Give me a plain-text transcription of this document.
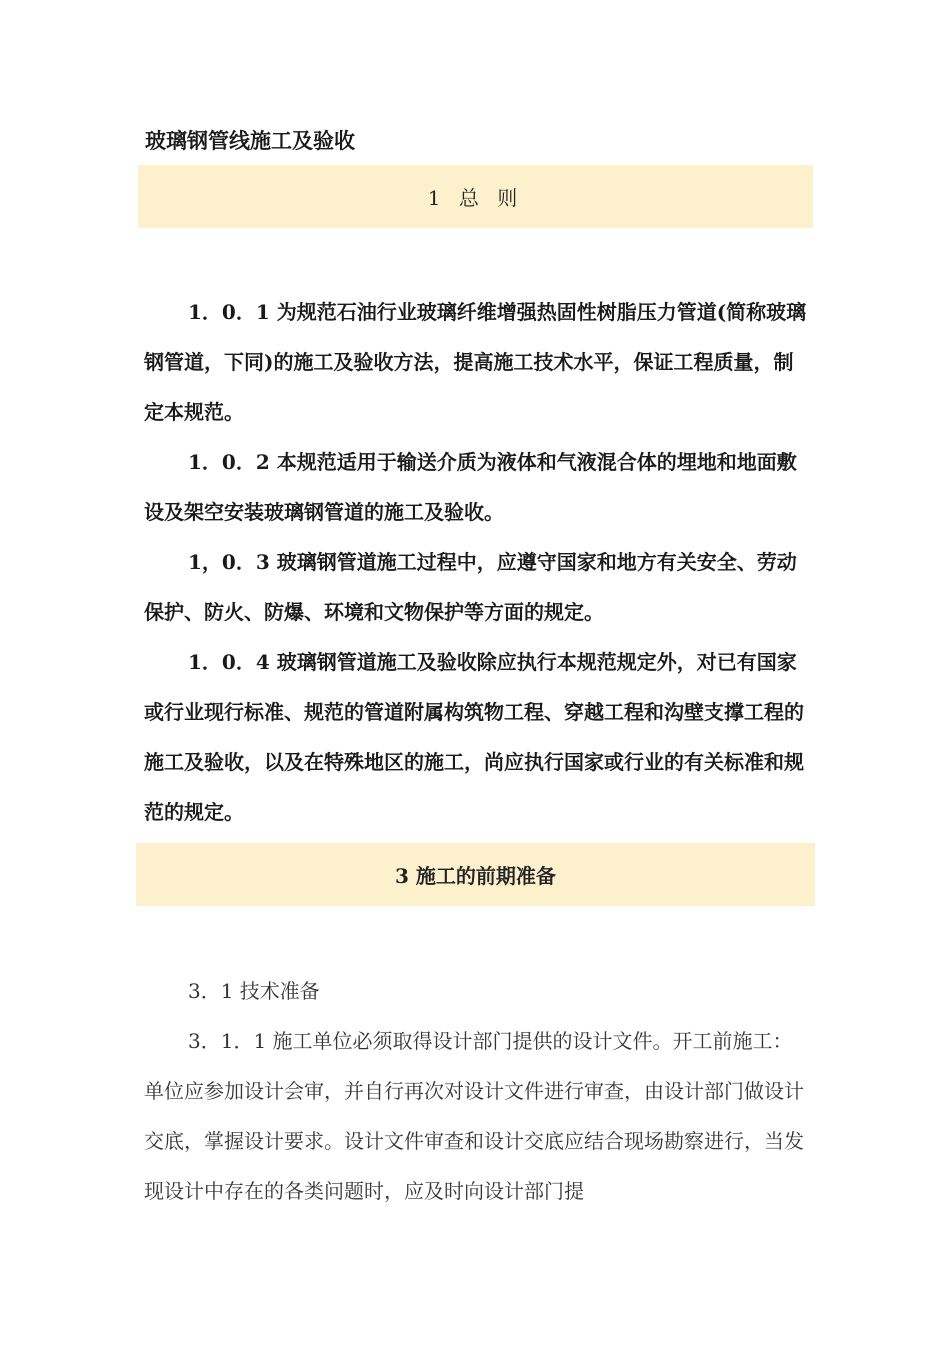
玻璃钢管线施工及验收
1 总 则

1．0．1 为规范石油行业玻璃纤维增强热固性树脂压力管道(简称玻璃钢管道，下同)的施工及验收方法，提高施工技术水平，保证工程质量，制定本规范。

1．0．2 本规范适用于输送介质为液体和气液混合体的埋地和地面敷设及架空安装玻璃钢管道的施工及验收。

1，0．3 玻璃钢管道施工过程中，应遵守国家和地方有关安全、劳动保护、防火、防爆、环境和文物保护等方面的规定。

1．0．4 玻璃钢管道施工及验收除应执行本规范规定外，对已有国家或行业现行标准、规范的管道附属构筑物工程、穿越工程和沟壁支撑工程的施工及验收，以及在特殊地区的施工，尚应执行国家或行业的有关标准和规范的规定。

3 施工的前期准备

3．1 技术准备

3．1．1 施工单位必须取得设计部门提供的设计文件。开工前施工：单位应参加设计会审，并自行再次对设计文件进行审查，由设计部门做设计交底，掌握设计要求。设计文件审查和设计交底应结合现场勘察进行，当发现设计中存在的各类问题时，应及时向设计部门提
